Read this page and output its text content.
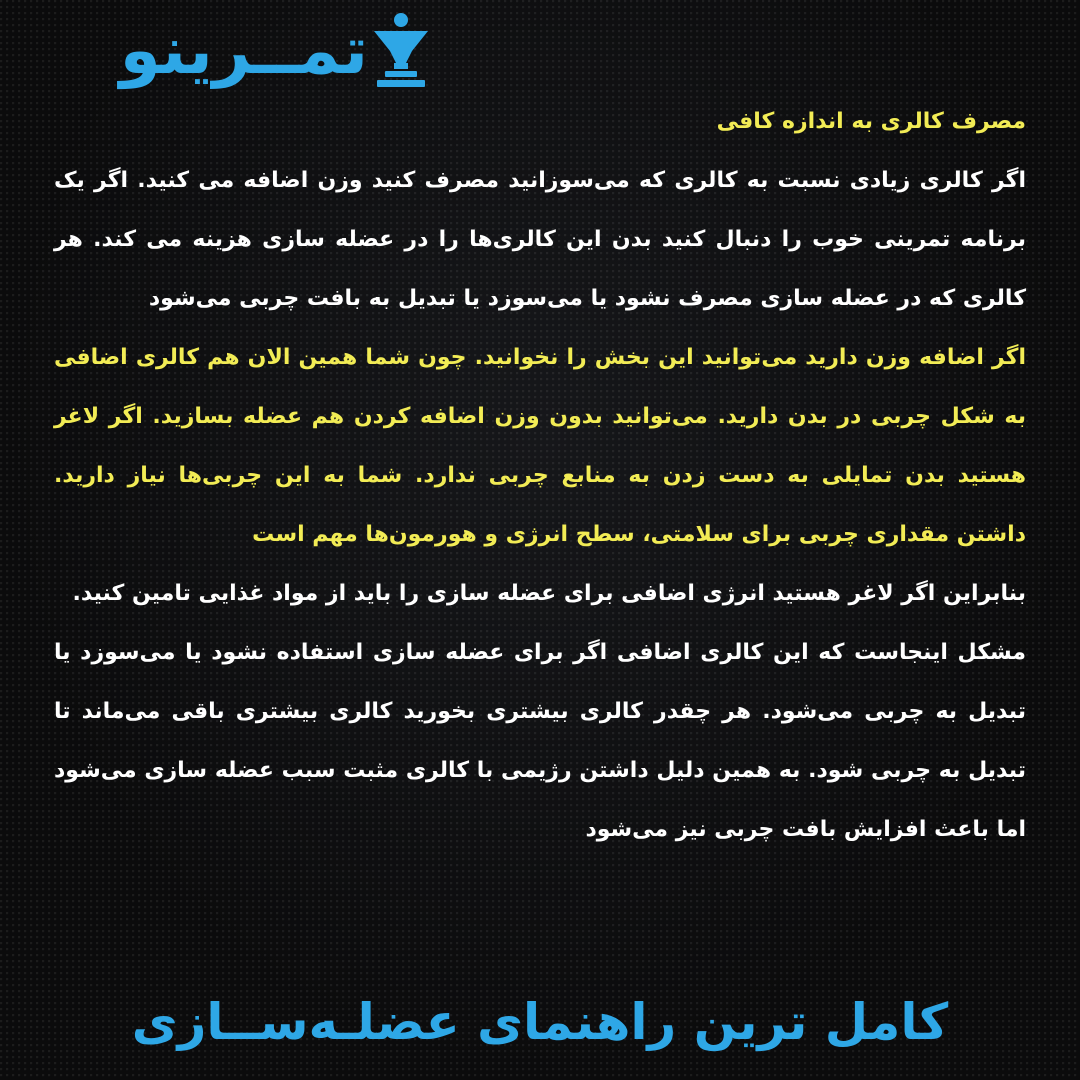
تمــرينو

مصرف کالری به اندازه کافی

اگر کالری زیادی نسبت به کالری که می‌سوزانید مصرف کنید وزن اضافه می کنید. اگر یک برنامه تمرینی خوب را دنبال کنید بدن این کالری‌ها را در عضله سازی هزینه می کند. هر کالری که در عضله سازی مصرف نشود یا می‌سوزد یا تبدیل به بافت چربی می‌شود

اگر اضافه وزن دارید می‌توانید این بخش را نخوانید. چون شما همین الان هم کالری اضافی به شکل چربی در بدن دارید. می‌توانید بدون وزن اضافه کردن هم عضله بسازید. اگر لاغر هستید بدن تمایلی به دست زدن به منابع چربی ندارد. شما به این چربی‌ها نیاز دارید. داشتن مقداری چربی برای سلامتی، سطح انرژی و هورمون‌ها مهم است

بنابراین اگر لاغر هستید انرژی اضافی برای عضله سازی را باید از مواد غذایی تامین کنید.

مشکل اینجاست که این کالری اضافی اگر برای عضله سازی استفاده نشود یا می‌سوزد یا تبدیل به چربی می‌شود. هر چقدر کالری بیشتری بخورید کالری بیشتری باقی می‌ماند تا تبدیل به چربی شود. به همین دلیل داشتن رژیمی با کالری مثبت سبب عضله سازی می‌شود اما باعث افزایش بافت چربی نیز می‌شود

کامل ترین راهنمای عضلـه‌ســازی
